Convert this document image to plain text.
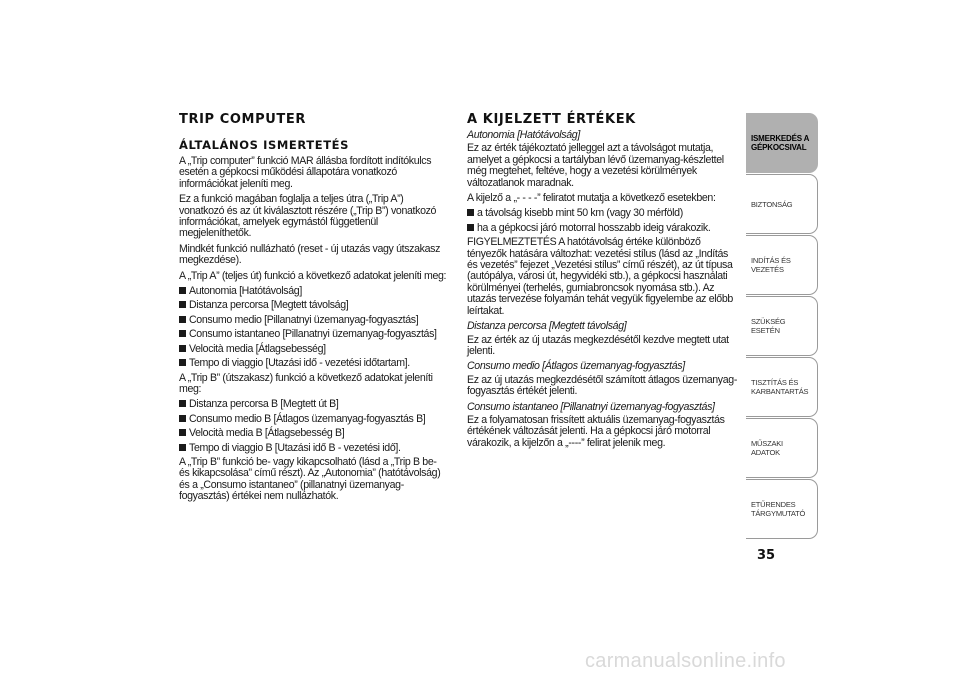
TRIP COMPUTER
ÁLTALÁNOS ISMERTETÉS

A „Trip computer” funkció MAR állásba fordított indítókulcs esetén a gépkocsi működési állapotára vonatkozó információkat jeleníti meg.

Ez a funkció magában foglalja a teljes útra („Trip A”) vonatkozó és az út kiválasztott részére („Trip B”) vonatkozó információkat, amelyek egymástól függetlenül megjeleníthetők.

Mindkét funkció nullázható (reset - új utazás vagy útszakasz megkezdése).

A „Trip A” (teljes út) funkció a következő adatokat jeleníti meg:

Autonomia [Hatótávolság]
Distanza percorsa [Megtett távolság]
Consumo medio [Pillanatnyi üzemanyag-fogyasztás]
Consumo istantaneo [Pillanatnyi üzemanyag-fogyasztás]
Velocità media [Átlagsebesség]
Tempo di viaggio [Utazási idő - vezetési időtartam].

A „Trip B” (útszakasz) funkció a következő adatokat jeleníti meg:

Distanza percorsa B [Megtett út B]
Consumo medio B [Átlagos üzemanyag-fogyasztás B]
Velocità media B [Átlagsebesség B]
Tempo di viaggio B [Utazási idő B - vezetési idő].

A „Trip B” funkció be- vagy kikapcsolható (lásd a „Trip B be- és kikapcsolása” című részt). Az „Autonomia” (hatótávolság) és a „Consumo istantaneo” (pillanatnyi üzemanyag-fogyasztás) értékei nem nullázhatók.

A KIJELZETT ÉRTÉKEK
Autonomia [Hatótávolság]

Ez az érték tájékoztató jelleggel azt a távolságot mutatja, amelyet a gépkocsi a tartályban lévő üzemanyag-készlettel még megtehet, feltéve, hogy a vezetési körülmények változatlanok maradnak.

A kijelző a „- - - -” feliratot mutatja a következő esetekben:

a távolság kisebb mint 50 km (vagy 30 mérföld)
ha a gépkocsi járó motorral hosszabb ideig várakozik.

FIGYELMEZTETÉS A hatótávolság értéke különböző tényezők hatására változhat: vezetési stílus (lásd az „Indítás és vezetés” fejezet „Vezetési stílus” című részét), az út típusa (autópálya, városi út, hegyvidéki stb.), a gépkocsi használati körülményei (terhelés, gumiabroncsok nyomása stb.). Az utazás tervezése folyamán tehát vegyük figyelembe az előbb leírtakat.

Distanza percorsa [Megtett távolság]

Ez az érték az új utazás megkezdésétől kezdve megtett utat jelenti.

Consumo medio [Átlagos üzemanyag-fogyasztás]

Ez az új utazás megkezdésétől számított átlagos üzemanyag-fogyasztás értékét jelenti.

Consumo istantaneo [Pillanatnyi üzemanyag-fogyasztás]

Ez a folyamatosan frissített aktuális üzemanyag-fogyasztás értékének változását jelenti. Ha a gépkocsi járó motorral várakozik, a kijelzőn a „----” felirat jelenik meg.

ISMERKEDÉS A GÉPKOCSIVAL
BIZTONSÁG
INDÍTÁS ÉS VEZETÉS
SZÜKSÉG ESETÉN
TISZTÍTÁS ÉS KARBANTARTÁS
MŰSZAKI ADATOK
ETŰRENDES TÁRGYMUTATÓ
35
carmanualsonline.info
